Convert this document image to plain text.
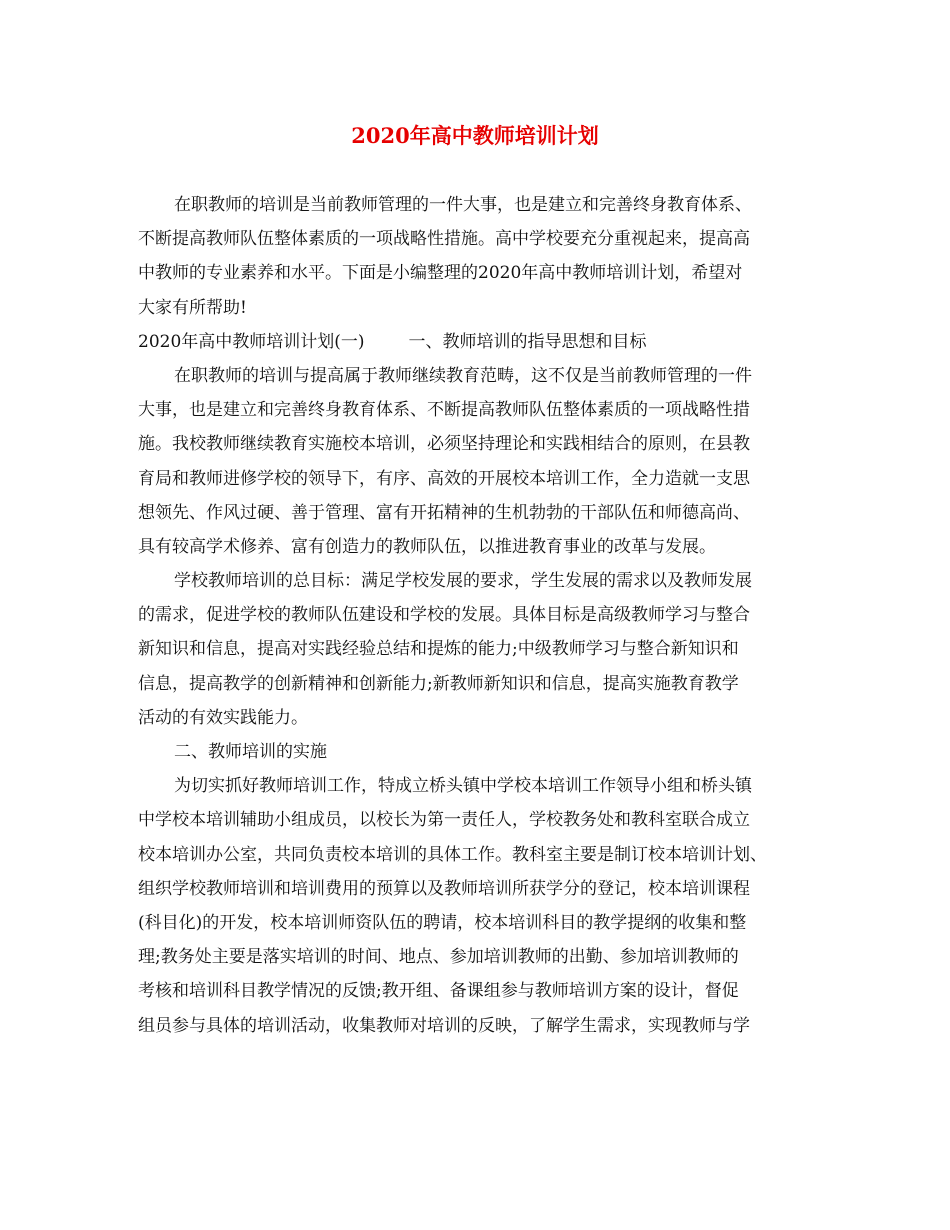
2020年高中教师培训计划
在职教师的培训是当前教师管理的一件大事，也是建立和完善终身教育体系、
不断提高教师队伍整体素质的一项战略性措施。高中学校要充分重视起来，提高高
中教师的专业素养和水平。下面是小编整理的2020年高中教师培训计划，希望对
大家有所帮助!
2020年高中教师培训计划(一)	一、教师培训的指导思想和目标
在职教师的培训与提高属于教师继续教育范畴，这不仅是当前教师管理的一件
大事，也是建立和完善终身教育体系、不断提高教师队伍整体素质的一项战略性措
施。我校教师继续教育实施校本培训，必须坚持理论和实践相结合的原则，在县教
育局和教师进修学校的领导下，有序、高效的开展校本培训工作，全力造就一支思
想领先、作风过硬、善于管理、富有开拓精神的生机勃勃的干部队伍和师德高尚、
具有较高学术修养、富有创造力的教师队伍，以推进教育事业的改革与发展。
学校教师培训的总目标：满足学校发展的要求，学生发展的需求以及教师发展
的需求，促进学校的教师队伍建设和学校的发展。具体目标是高级教师学习与整合
新知识和信息，提高对实践经验总结和提炼的能力;中级教师学习与整合新知识和
信息，提高教学的创新精神和创新能力;新教师新知识和信息，提高实施教育教学
活动的有效实践能力。
二、教师培训的实施
为切实抓好教师培训工作，特成立桥头镇中学校本培训工作领导小组和桥头镇
中学校本培训辅助小组成员，以校长为第一责任人，学校教务处和教科室联合成立
校本培训办公室，共同负责校本培训的具体工作。教科室主要是制订校本培训计划、
组织学校教师培训和培训费用的预算以及教师培训所获学分的登记，校本培训课程
(科目化)的开发，校本培训师资队伍的聘请，校本培训科目的教学提纲的收集和整
理;教务处主要是落实培训的时间、地点、参加培训教师的出勤、参加培训教师的
考核和培训科目教学情况的反馈;教开组、备课组参与教师培训方案的设计，督促
组员参与具体的培训活动，收集教师对培训的反映，了解学生需求，实现教师与学
